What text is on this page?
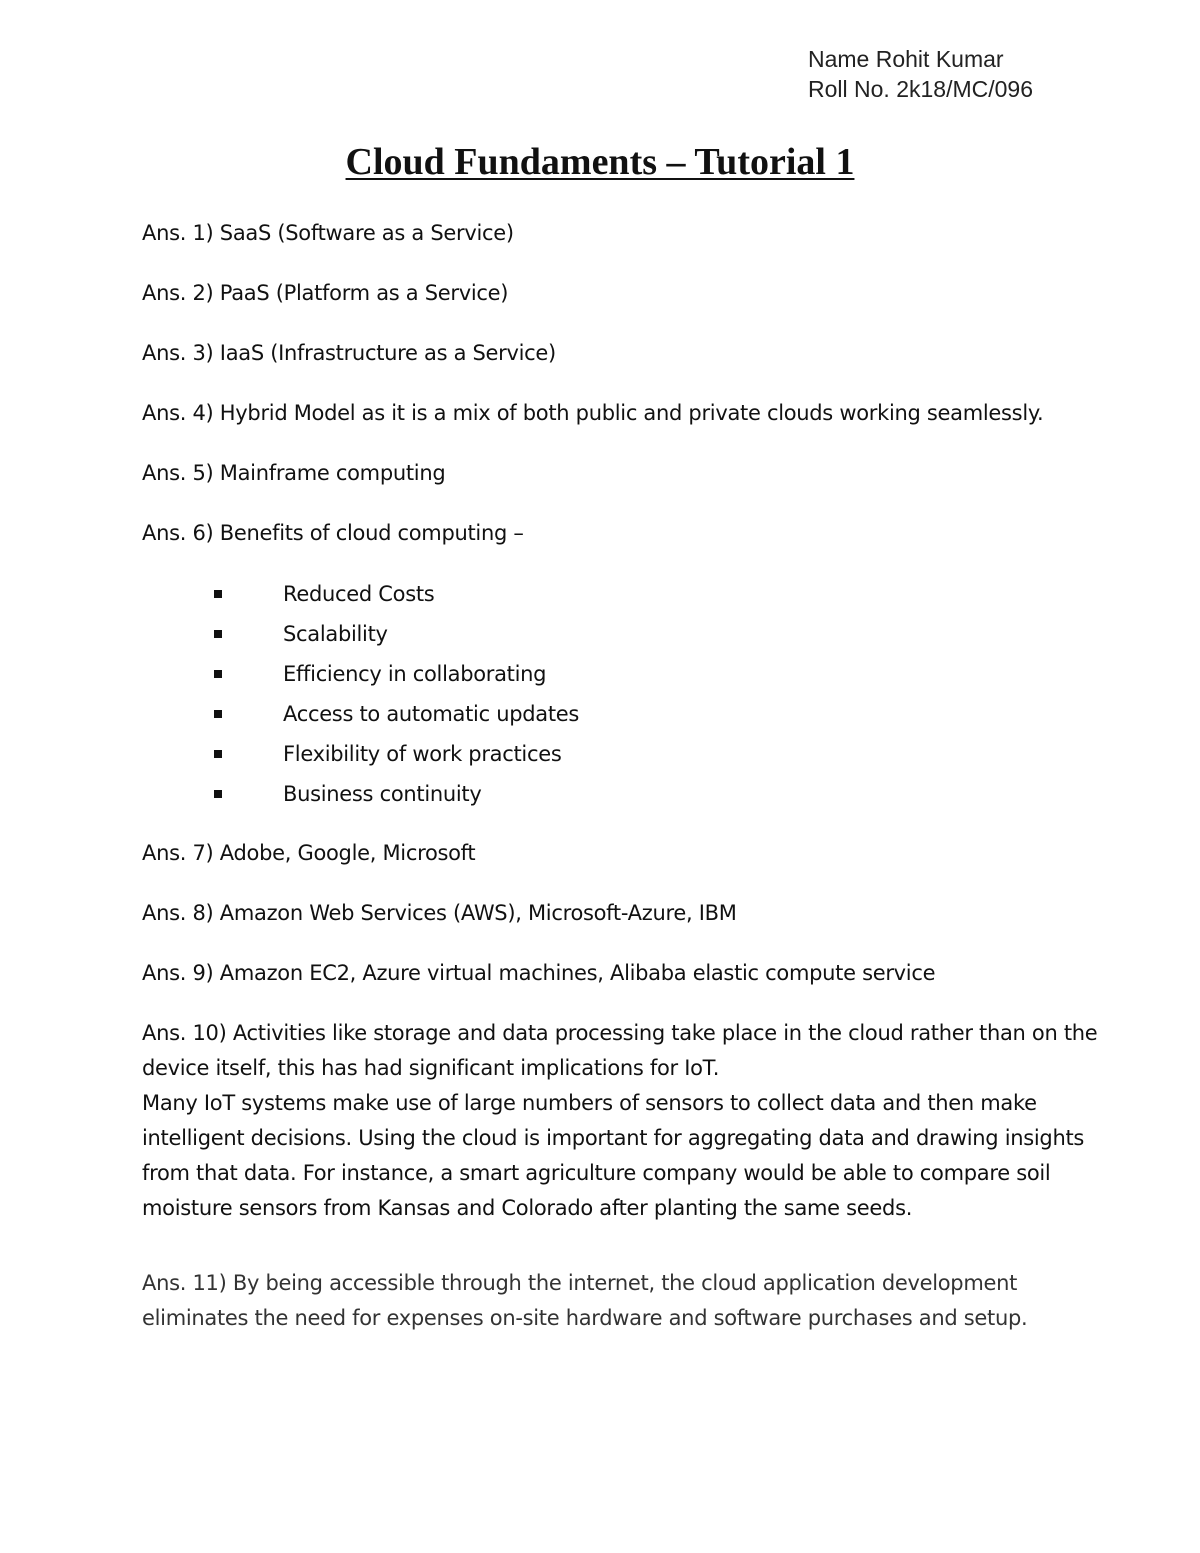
Name Rohit Kumar
Roll No. 2k18/MC/096
Cloud Fundaments – Tutorial 1

Ans. 1) SaaS (Software as a Service)

Ans. 2) PaaS (Platform as a Service)

Ans. 3) IaaS (Infrastructure as a Service)

Ans. 4) Hybrid Model as it is a mix of both public and private clouds working seamlessly.

Ans. 5) Mainframe computing

Ans. 6) Benefits of cloud computing –

Reduced Costs
Scalability
Efficiency in collaborating
Access to automatic updates
Flexibility of work practices
Business continuity

Ans. 7) Adobe, Google, Microsoft

Ans. 8) Amazon Web Services (AWS), Microsoft-Azure, IBM

Ans. 9) Amazon EC2, Azure virtual machines, Alibaba elastic compute service

Ans. 10) Activities like storage and data processing take place in the cloud rather than on the device itself, this has had significant implications for IoT.
Many IoT systems make use of large numbers of sensors to collect data and then make intelligent decisions. Using the cloud is important for aggregating data and drawing insights from that data. For instance, a smart agriculture company would be able to compare soil moisture sensors from Kansas and Colorado after planting the same seeds.

Ans. 11) By being accessible through the internet, the cloud application development eliminates the need for expenses on-site hardware and software purchases and setup.
